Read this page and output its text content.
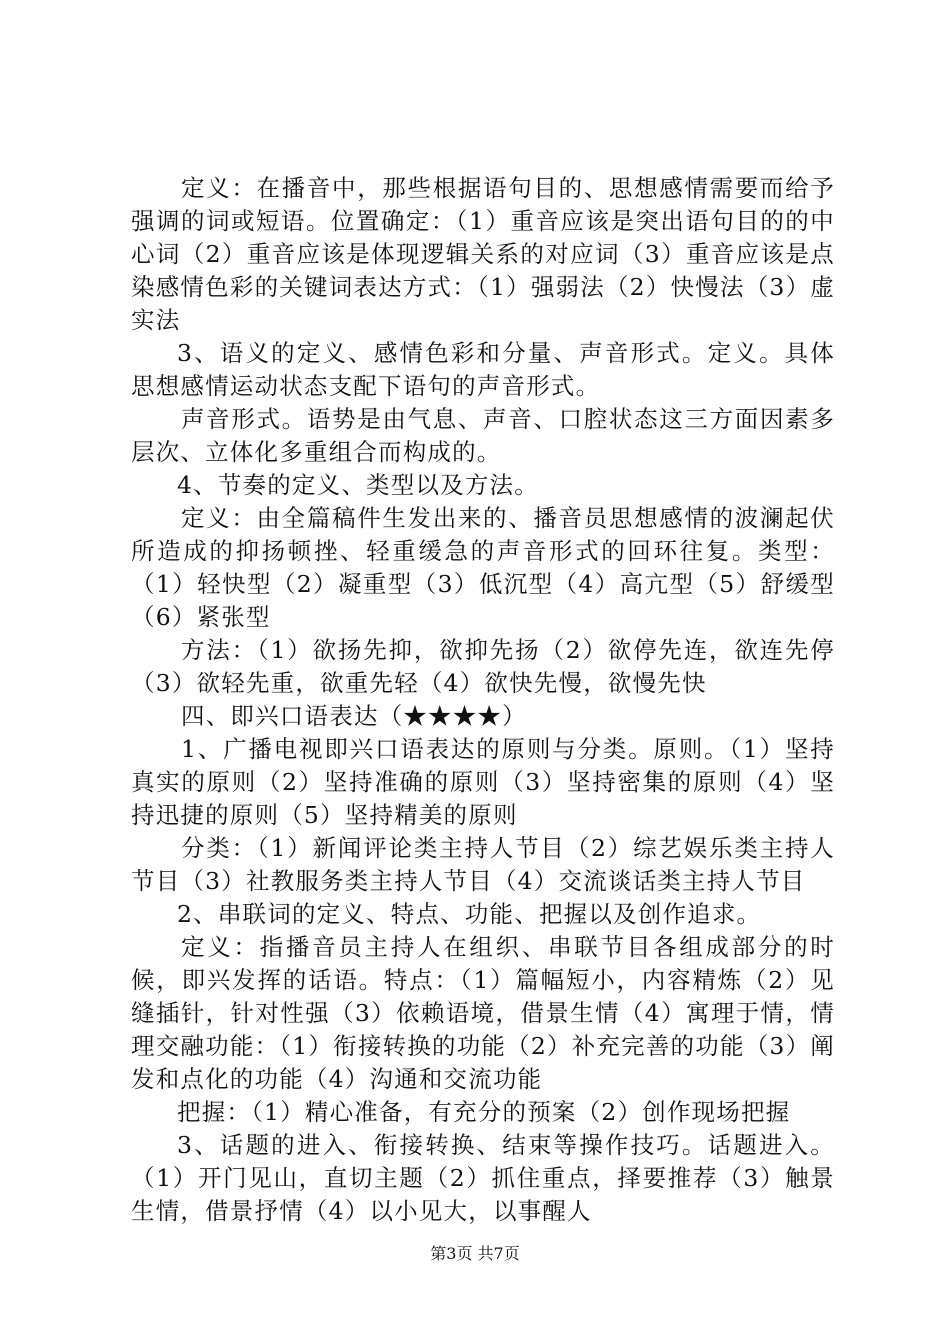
定义：在播音中，那些根据语句目的、思想感情需要而给予强调的词或短语。位置确定：（1）重音应该是突出语句目的的中心词（2）重音应该是体现逻辑关系的对应词（3）重音应该是点染感情色彩的关键词表达方式：（1）强弱法（2）快慢法（3）虚实法

3、语义的定义、感情色彩和分量、声音形式。定义。具体思想感情运动状态支配下语句的声音形式。

声音形式。语势是由气息、声音、口腔状态这三方面因素多层次、立体化多重组合而构成的。

4、节奏的定义、类型以及方法。

定义：由全篇稿件生发出来的、播音员思想感情的波澜起伏所造成的抑扬顿挫、轻重缓急的声音形式的回环往复。类型：（1）轻快型（2）凝重型（3）低沉型（4）高亢型（5）舒缓型（6）紧张型

方法：（1）欲扬先抑，欲抑先扬（2）欲停先连，欲连先停（3）欲轻先重，欲重先轻（4）欲快先慢，欲慢先快

四、即兴口语表达（★★★★）

1、广播电视即兴口语表达的原则与分类。原则。（1）坚持真实的原则（2）坚持准确的原则（3）坚持密集的原则（4）坚持迅捷的原则（5）坚持精美的原则

分类：（1）新闻评论类主持人节目（2）综艺娱乐类主持人节目（3）社教服务类主持人节目（4）交流谈话类主持人节目

2、串联词的定义、特点、功能、把握以及创作追求。

定义：指播音员主持人在组织、串联节目各组成部分的时候，即兴发挥的话语。特点：（1）篇幅短小，内容精炼（2）见缝插针，针对性强（3）依赖语境，借景生情（4）寓理于情，情理交融功能：（1）衔接转换的功能（2）补充完善的功能（3）阐发和点化的功能（4）沟通和交流功能

把握：（1）精心准备，有充分的预案（2）创作现场把握

3、话题的进入、衔接转换、结束等操作技巧。话题进入。（1）开门见山，直切主题（2）抓住重点，择要推荐（3）触景生情，借景抒情（4）以小见大，以事醒人

第3页 共7页
